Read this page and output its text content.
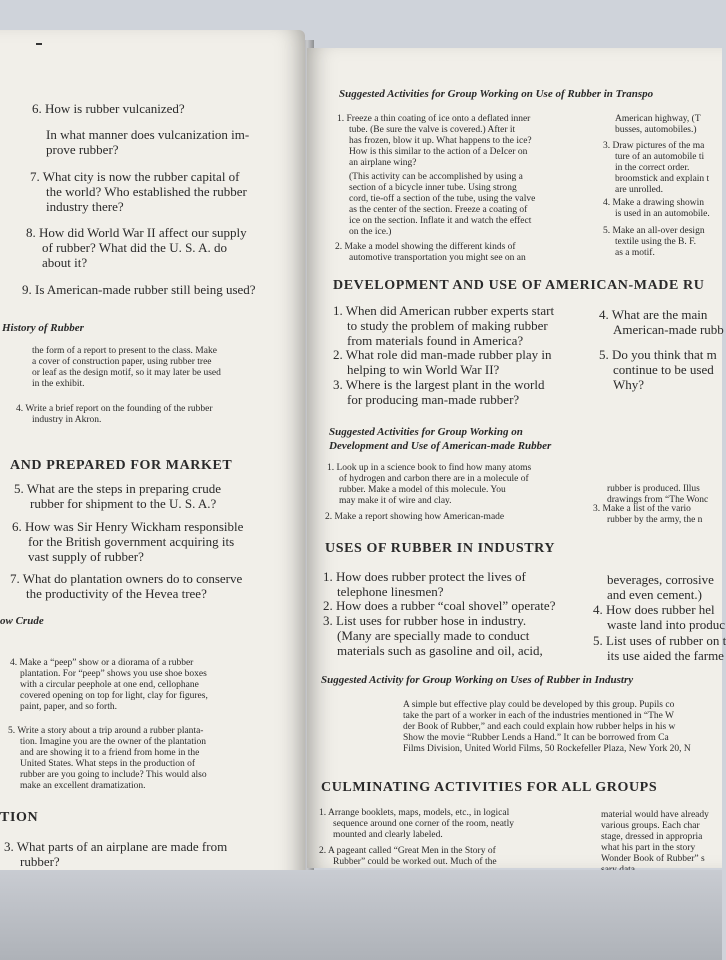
6. How is rubber vulcanized?
In what manner does vulcanization im-
prove rubber?
7. What city is now the rubber capital of
the world? Who established the rubber
industry there?
8. How did World War II affect our supply
of rubber? What did the U. S. A. do
about it?
9. Is American-made rubber still being used?
History of Rubber
the form of a report to present to the class. Make
a cover of construction paper, using rubber tree
or leaf as the design motif, so it may later be used
in the exhibit.
4. Write a brief report on the founding of the rubber
industry in Akron.
AND PREPARED FOR MARKET
5. What are the steps in preparing crude
rubber for shipment to the U. S. A.?
6. How was Sir Henry Wickham responsible
for the British government acquiring its
vast supply of rubber?
7. What do plantation owners do to conserve
the productivity of the Hevea tree?
ow Crude
4. Make a “peep” show or a diorama of a rubber
plantation. For “peep” shows you use shoe boxes
with a circular peephole at one end, cellophane
covered opening on top for light, clay for figures,
paint, paper, and so forth.
5. Write a story about a trip around a rubber planta-
tion. Imagine you are the owner of the plantation
and are showing it to a friend from home in the
United States. What steps in the production of
rubber are you going to include? This would also
make an excellent dramatization.
TION
3. What parts of an airplane are made from
rubber?
Suggested Activities for Group Working on Use of Rubber in Transpo
1. Freeze a thin coating of ice onto a deflated inner
tube. (Be sure the valve is covered.) After it
has frozen, blow it up. What happens to the ice?
How is this similar to the action of a DeIcer on
an airplane wing?
(This activity can be accomplished by using a
section of a bicycle inner tube. Using strong
cord, tie-off a section of the tube, using the valve
as the center of the section. Freeze a coating of
ice on the section. Inflate it and watch the effect
on the ice.)
2. Make a model showing the different kinds of
automotive transportation you might see on an
American highway, (T
busses, automobiles.)
3. Draw pictures of the ma
ture of an automobile ti
in the correct order.
broomstick and explain t
are unrolled.
4. Make a drawing showin
is used in an automobile.
5. Make an all-over design
textile using the B. F.
as a motif.
DEVELOPMENT AND USE OF AMERICAN-MADE RU
1. When did American rubber experts start
to study the problem of making rubber
from materials found in America?
2. What role did man-made rubber play in
helping to win World War II?
3. Where is the largest plant in the world
for producing man-made rubber?
4. What are the main
American-made rubb
5. Do you think that m
continue to be used
Why?
Suggested Activities for Group Working on
Development and Use of American-made Rubber
1. Look up in a science book to find how many atoms
of hydrogen and carbon there are in a molecule of
rubber. Make a model of this molecule. You
may make it of wire and clay.
2. Make a report showing how American-made
rubber is produced. Illus
drawings from “The Wonc
3. Make a list of the vario
rubber by the army, the n
USES OF RUBBER IN INDUSTRY
1. How does rubber protect the lives of
telephone linesmen?
2. How does a rubber “coal shovel” operate?
3. List uses for rubber hose in industry.
(Many are specially made to conduct
materials such as gasoline and oil, acid,
beverages, corrosive
and even cement.)
4. How does rubber hel
waste land into produc
5. List uses of rubber on t
its use aided the farme
Suggested Activity for Group Working on Uses of Rubber in Industry
A simple but effective play could be developed by this group. Pupils co
take the part of a worker in each of the industries mentioned in “The W
der Book of Rubber,” and each could explain how rubber helps in his w
Show the movie “Rubber Lends a Hand.” It can be borrowed from Ca
Films Division, United World Films, 50 Rockefeller Plaza, New York 20, N
CULMINATING ACTIVITIES FOR ALL GROUPS
1. Arrange booklets, maps, models, etc., in logical
sequence around one corner of the room, neatly
mounted and clearly labeled.
2. A pageant called “Great Men in the Story of
Rubber” could be worked out. Much of the
material would have already
various groups. Each char
stage, dressed in appropria
what his part in the story
Wonder Book of Rubber” s
